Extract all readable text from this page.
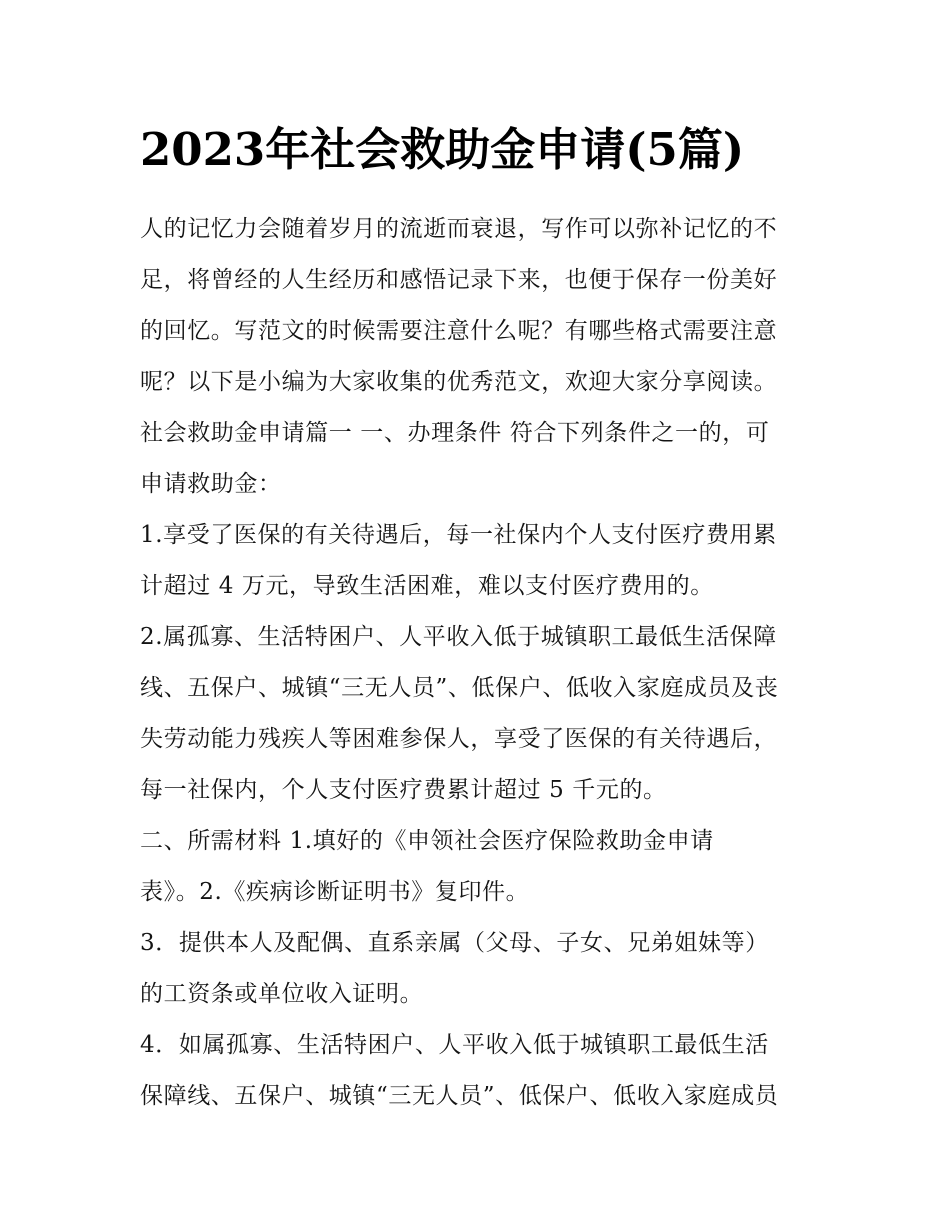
2023年社会救助金申请(5篇)
人的记忆力会随着岁月的流逝而衰退，写作可以弥补记忆的不
足，将曾经的人生经历和感悟记录下来，也便于保存一份美好
的回忆。写范文的时候需要注意什么呢？有哪些格式需要注意
呢？以下是小编为大家收集的优秀范文，欢迎大家分享阅读。
社会救助金申请篇一 一、办理条件 符合下列条件之一的，可
申请救助金：
1.享受了医保的有关待遇后，每一社保内个人支付医疗费用累
计超过 4 万元，导致生活困难，难以支付医疗费用的。
2.属孤寡、生活特困户、人平收入低于城镇职工最低生活保障
线、五保户、城镇“三无人员”、低保户、低收入家庭成员及丧
失劳动能力残疾人等困难参保人，享受了医保的有关待遇后，
每一社保内，个人支付医疗费累计超过 5 千元的。
二、所需材料 1.填好的《申领社会医疗保险救助金申请
表》。2.《疾病诊断证明书》复印件。
3．提供本人及配偶、直系亲属（父母、子女、兄弟姐妹等）
的工资条或单位收入证明。
4．如属孤寡、生活特困户、人平收入低于城镇职工最低生活
保障线、五保户、城镇“三无人员”、低保户、低收入家庭成员
